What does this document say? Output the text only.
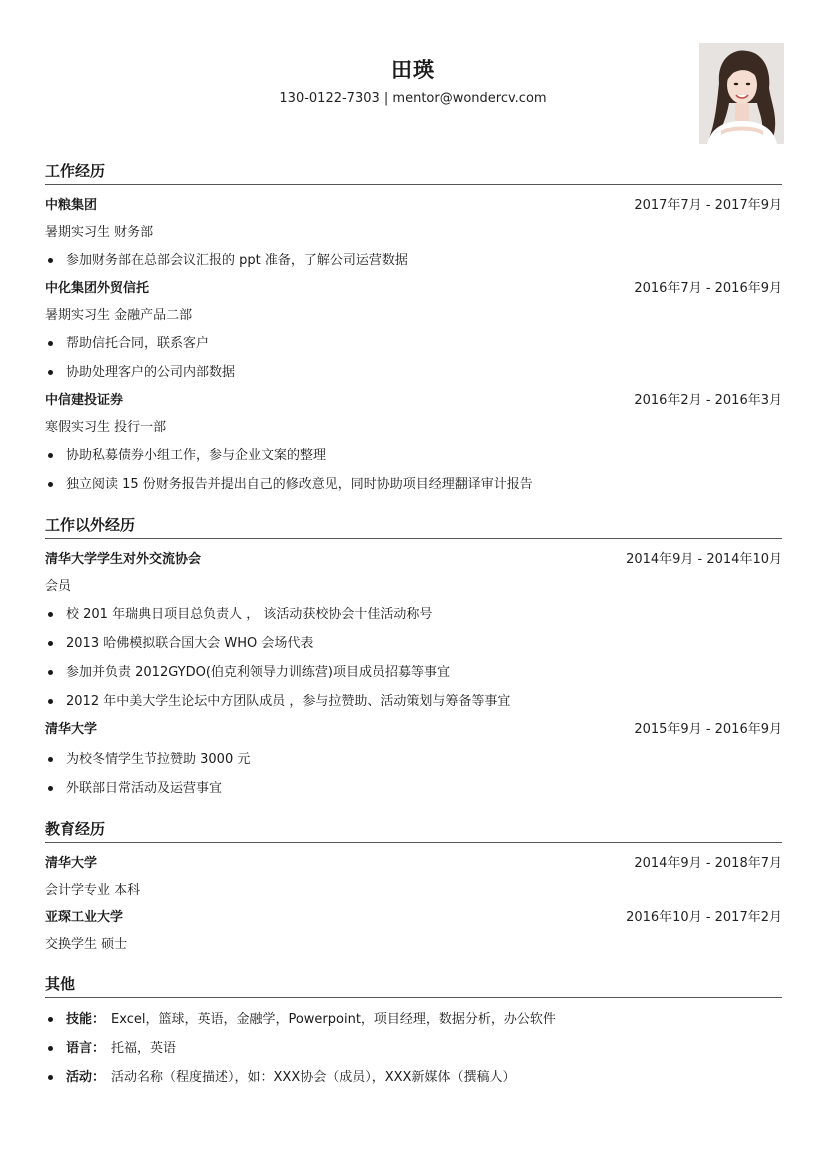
田瑛
130-0122-7303 | mentor@wondercv.com
工作经历
中粮集团	2017年7月 - 2017年9月
暑期实习生 财务部
参加财务部在总部会议汇报的 ppt 准备，了解公司运营数据
中化集团外贸信托	2016年7月 - 2016年9月
暑期实习生 金融产品二部
帮助信托合同，联系客户
协助处理客户的公司内部数据
中信建投证券	2016年2月 - 2016年3月
寒假实习生 投行一部
协助私募债券小组工作，参与企业文案的整理
独立阅读 15 份财务报告并提出自己的修改意见，同时协助项目经理翻译审计报告
工作以外经历
清华大学学生对外交流协会	2014年9月 - 2014年10月
会员
校 201 年瑞典日项目总负责人 ， 该活动获校协会十佳活动称号
2013 哈佛模拟联合国大会 WHO 会场代表
参加并负责 2012GYDO(伯克利领导力训练营)项目成员招募等事宜
2012 年中美大学生论坛中方团队成员 ，参与拉赞助、活动策划与筹备等事宜
清华大学	2015年9月 - 2016年9月
为校冬情学生节拉赞助 3000 元
外联部日常活动及运营事宜
教育经历
清华大学	2014年9月 - 2018年7月
会计学专业 本科
亚琛工业大学	2016年10月 - 2017年2月
交换学生 硕士
其他
技能： Excel，篮球，英语，金融学，Powerpoint，项目经理，数据分析，办公软件
语言： 托福，英语
活动： 活动名称（程度描述），如：XXX协会（成员），XXX新媒体（撰稿人）
